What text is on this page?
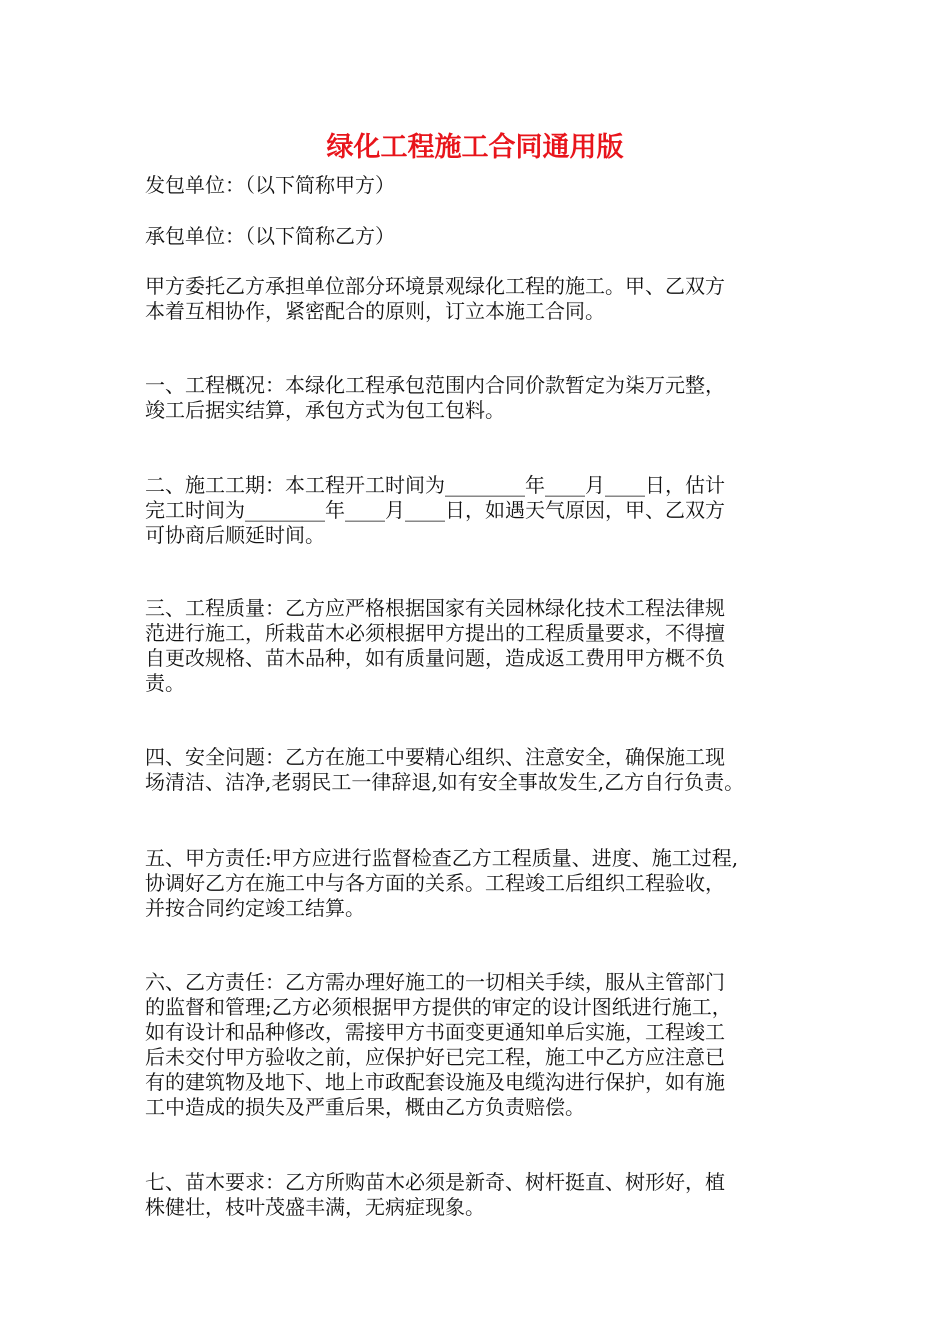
绿化工程施工合同通用版

发包单位：（以下简称甲方）

承包单位：（以下简称乙方）

甲方委托乙方承担单位部分环境景观绿化工程的施工。甲、乙双方
本着互相协作，紧密配合的原则，订立本施工合同。

一、工程概况：本绿化工程承包范围内合同价款暂定为柒万元整，
竣工后据实结算，承包方式为包工包料。

二、施工工期：本工程开工时间为________年____月____日，估计
完工时间为________年____月____日，如遇天气原因，甲、乙双方
可协商后顺延时间。

三、工程质量：乙方应严格根据国家有关园林绿化技术工程法律规
范进行施工，所栽苗木必须根据甲方提出的工程质量要求，不得擅
自更改规格、苗木品种，如有质量问题，造成返工费用甲方概不负
责。

四、安全问题：乙方在施工中要精心组织、注意安全，确保施工现
场清洁、洁净,老弱民工一律辞退,如有安全事故发生,乙方自行负责。

五、甲方责任:甲方应进行监督检查乙方工程质量、进度、施工过程,
协调好乙方在施工中与各方面的关系。工程竣工后组织工程验收，
并按合同约定竣工结算。

六、乙方责任：乙方需办理好施工的一切相关手续，服从主管部门
的监督和管理;乙方必须根据甲方提供的审定的设计图纸进行施工，
如有设计和品种修改，需接甲方书面变更通知单后实施，工程竣工
后未交付甲方验收之前，应保护好已完工程，施工中乙方应注意已
有的建筑物及地下、地上市政配套设施及电缆沟进行保护，如有施
工中造成的损失及严重后果，概由乙方负责赔偿。

七、苗木要求：乙方所购苗木必须是新奇、树杆挺直、树形好，植
株健壮，枝叶茂盛丰满，无病症现象。
